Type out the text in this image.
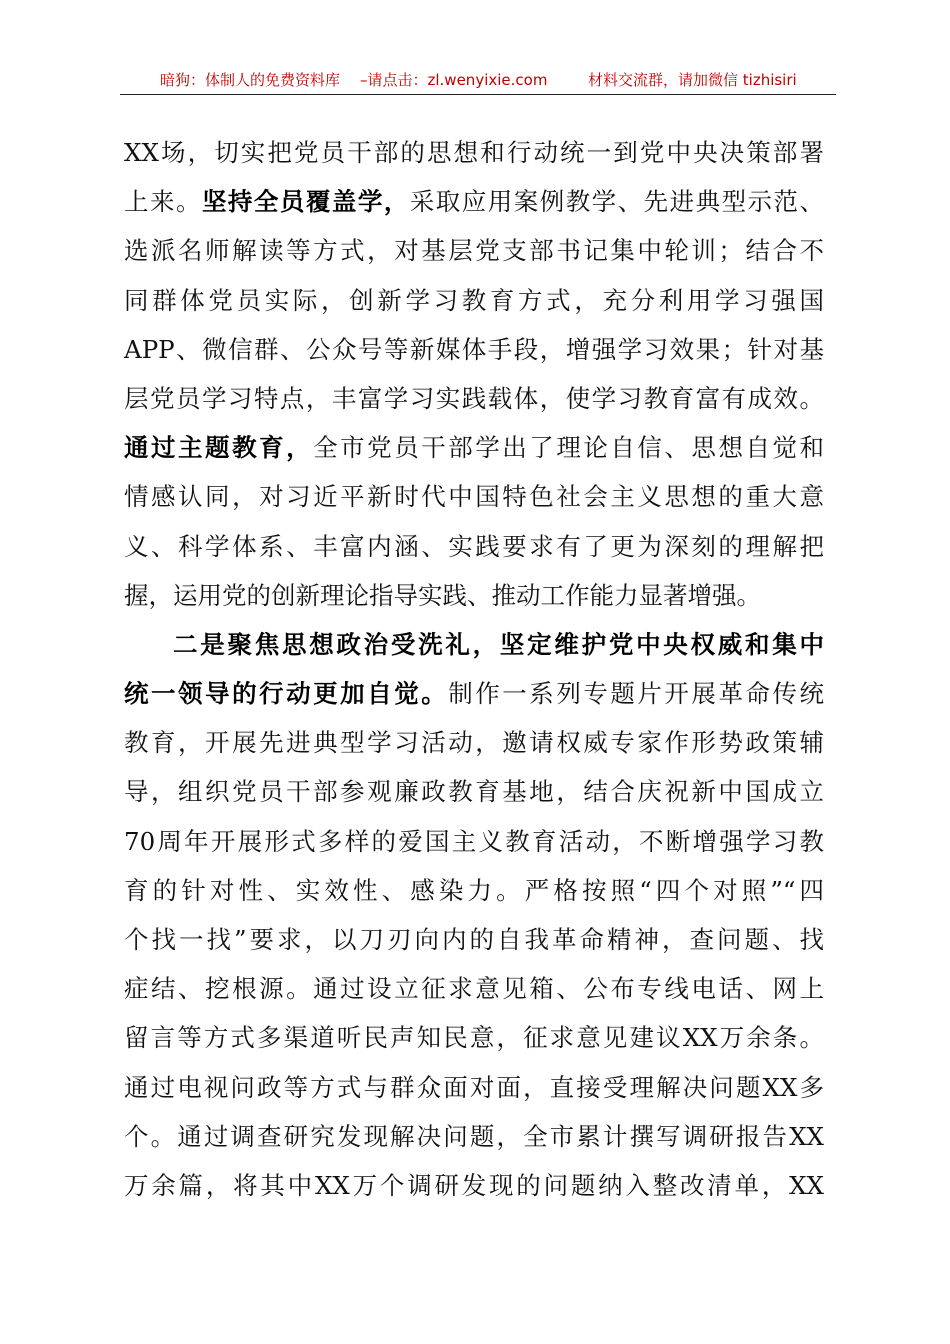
暗狗：体制人的免费资料库 –请点击：zl.wenyixie.com	材料交流群，请加微信 tizhisiri
XX场，切实把党员干部的思想和行动统一到党中央决策部署
上来。坚持全员覆盖学，采取应用案例教学、先进典型示范、
选派名师解读等方式，对基层党支部书记集中轮训；结合不
同群体党员实际，创新学习教育方式，充分利用学习强国
APP、微信群、公众号等新媒体手段，增强学习效果；针对基
层党员学习特点，丰富学习实践载体，使学习教育富有成效。
通过主题教育，全市党员干部学出了理论自信、思想自觉和
情感认同，对习近平新时代中国特色社会主义思想的重大意
义、科学体系、丰富内涵、实践要求有了更为深刻的理解把
握，运用党的创新理论指导实践、推动工作能力显著增强。
二是聚焦思想政治受洗礼，坚定维护党中央权威和集中
统一领导的行动更加自觉。制作一系列专题片开展革命传统
教育，开展先进典型学习活动，邀请权威专家作形势政策辅
导，组织党员干部参观廉政教育基地，结合庆祝新中国成立
70周年开展形式多样的爱国主义教育活动，不断增强学习教
育的针对性、实效性、感染力。严格按照“四个对照”“四
个找一找”要求，以刀刃向内的自我革命精神，查问题、找
症结、挖根源。通过设立征求意见箱、公布专线电话、网上
留言等方式多渠道听民声知民意，征求意见建议XX万余条。
通过电视问政等方式与群众面对面，直接受理解决问题XX多
个。通过调查研究发现解决问题，全市累计撰写调研报告XX
万余篇，将其中XX万个调研发现的问题纳入整改清单，XX
